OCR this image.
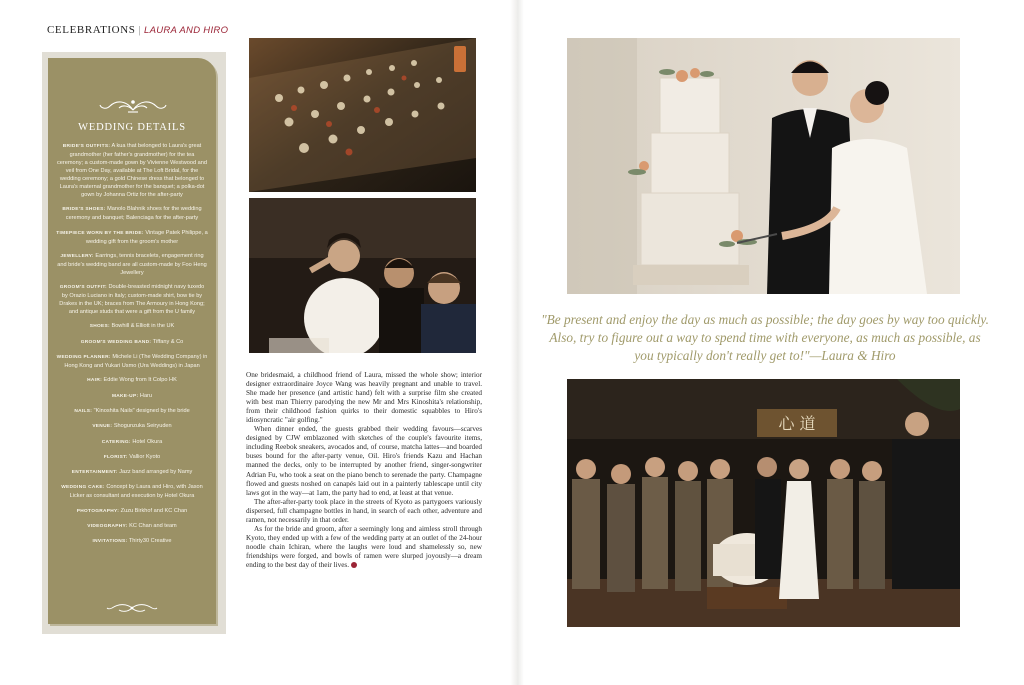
CELEBRATIONS | LAURA AND HIRO
WEDDING DETAILS
BRIDE'S OUTFITS: A kua that belonged to Laura's great grandmother (her father's grandmother) for the tea ceremony; a custom-made gown by Vivienne Westwood and veil from One Day, available at The Loft Bridal, for the wedding ceremony; a gold Chinese dress that belonged to Laura's maternal grandmother for the banquet; a polka-dot gown by Johanna Ortiz for the after-party
BRIDE'S SHOES: Manolo Blahnik shoes for the wedding ceremony and banquet; Balenciaga for the after-party
TIMEPIECE WORN BY THE BRIDE: Vintage Patek Philippe, a wedding gift from the groom's mother
JEWELLERY: Earrings, tennis bracelets, engagement ring and bride's wedding band are all custom-made by Foo Heng Jewellery
GROOM'S OUTFIT: Double-breasted midnight navy tuxedo by Orazio Luciano in Italy; custom-made shirt, bow tie by Drakes in the UK; braces from The Armoury in Hong Kong; and antique studs that were a gift from the U family
SHOES: Bowhill & Elliott in the UK
GROOM'S WEDDING BAND: Tiffany & Co
WEDDING PLANNER: Michele Li (The Wedding Company) in Hong Kong and Yukari Usmo (Ura Weddings) in Japan
HAIR: Eddie Wong from It Colpo HK
MAKE-UP: Haru
NAILS: "Kinoshita Nails" designed by the bride
VENUE: Shogunzuka Seiryuden
CATERING: Hotel Okura
FLORIST: Vallior Kyoto
ENTERTAINMENT: Jazz band arranged by Namy
WEDDING CAKE: Concept by Laura and Hiro, with Jason Licker as consultant and execution by Hotel Okura
PHOTOGRAPHY: Zuzu Birkhof and KC Chan
VIDEOGRAPHY: KC Chan and team
INVITATIONS: Thirty30 Creative

One bridesmaid, a childhood friend of Laura, missed the whole show; interior designer extraordinaire Joyce Wang was heavily pregnant and unable to travel. She made her presence (and artistic hand) felt with a surprise film she created with best man Thierry parodying the new Mr and Mrs Kinoshita's relationship, from their childhood fashion quirks to their domestic squabbles to Hiro's idiosyncratic "air golfing."

When dinner ended, the guests grabbed their wedding favours—scarves designed by CJW emblazoned with sketches of the couple's favourite items, including Reebok sneakers, avocados and, of course, matcha lattes—and boarded buses bound for the after-party venue, Oil. Hiro's friends Kazu and Hachan manned the decks, only to be interrupted by another friend, singer-songwriter Adrian Fu, who took a seat on the piano bench to serenade the party. Champagne flowed and guests noshed on canapés laid out in a painterly tablescape until city laws got in the way—at 1am, the party had to end, at least at that venue.

The after-after-party took place in the streets of Kyoto as partygoers variously dispersed, full champagne bottles in hand, in search of each other, adventure and ramen, not necessarily in that order.

As for the bride and groom, after a seemingly long and aimless stroll through Kyoto, they ended up with a few of the wedding party at an outlet of the 24-hour noodle chain Ichiran, where the laughs were loud and shamelessly so, new friendships were forged, and bowls of ramen were slurped joyously—a dream ending to the best day of their lives.

"Be present and enjoy the day as much as possible; the day goes by way too quickly. Also, try to figure out a way to spend time with everyone, as much as possible, as you typically don't really get to!"—Laura & Hiro
心 道
